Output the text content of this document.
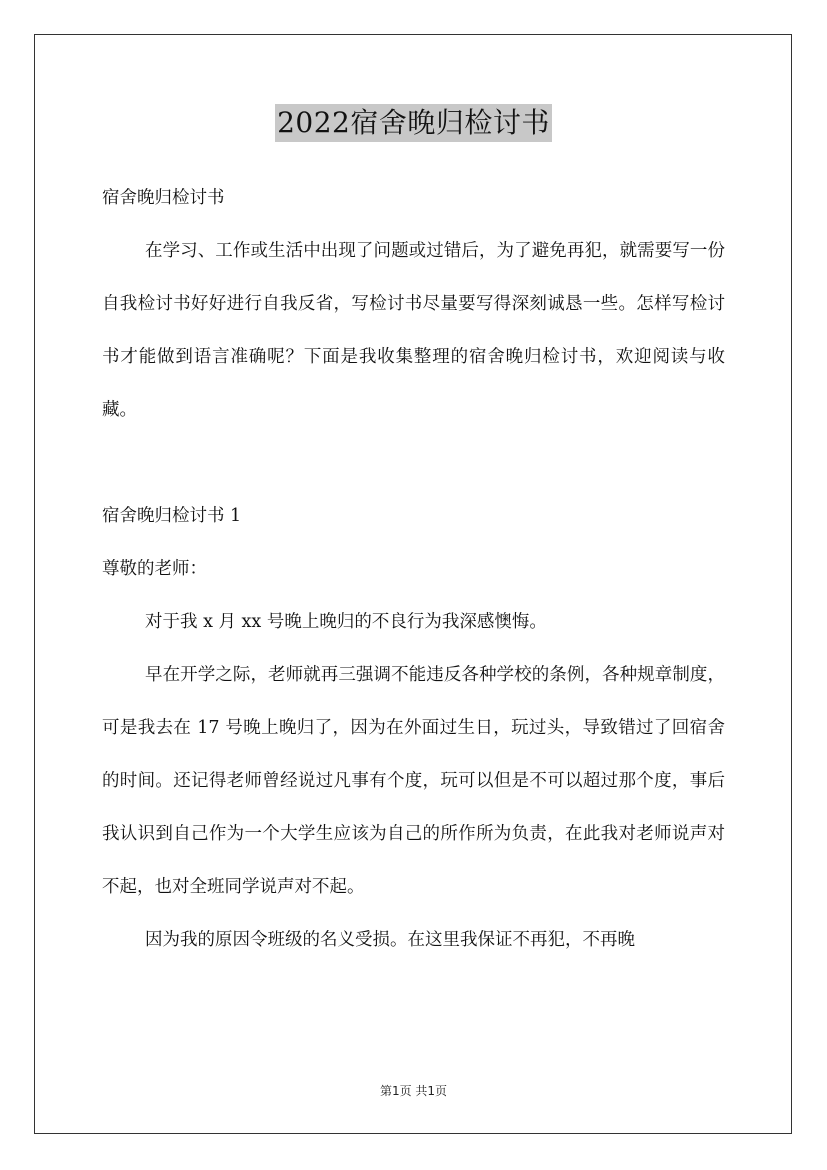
2022宿舍晚归检讨书
宿舍晚归检讨书

在学习、工作或生活中出现了问题或过错后，为了避免再犯，就需要写一份自我检讨书好好进行自我反省，写检讨书尽量要写得深刻诚恳一些。怎样写检讨书才能做到语言准确呢？下面是我收集整理的宿舍晚归检讨书，欢迎阅读与收藏。

宿舍晚归检讨书 1
尊敬的老师：

对于我 x 月 xx 号晚上晚归的不良行为我深感懊悔。

早在开学之际，老师就再三强调不能违反各种学校的条例，各种规章制度，可是我去在 17 号晚上晚归了，因为在外面过生日，玩过头，导致错过了回宿舍的时间。还记得老师曾经说过凡事有个度，玩可以但是不可以超过那个度，事后我认识到自己作为一个大学生应该为自己的所作所为负责，在此我对老师说声对不起，也对全班同学说声对不起。

因为我的原因令班级的名义受损。在这里我保证不再犯，不再晚

第1页 共1页
